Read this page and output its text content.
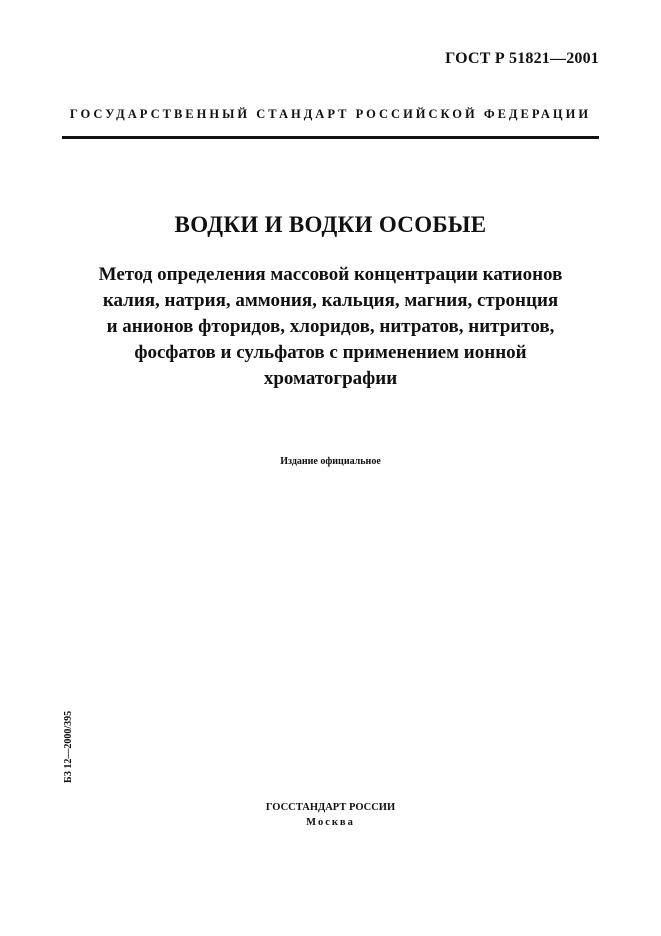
ГОСТ Р 51821—2001
ГОСУДАРСТВЕННЫЙ СТАНДАРТ РОССИЙСКОЙ ФЕДЕРАЦИИ
ВОДКИ И ВОДКИ ОСОБЫЕ
Метод определения массовой концентрации катионов
калия, натрия, аммония, кальция, магния, стронция
и анионов фторидов, хлоридов, нитратов, нитритов,
фосфатов и сульфатов с применением ионной
хроматографии
Издание официальное
БЗ 12—2000/395
ГОССТАНДАРТ РОССИИ
Москва
